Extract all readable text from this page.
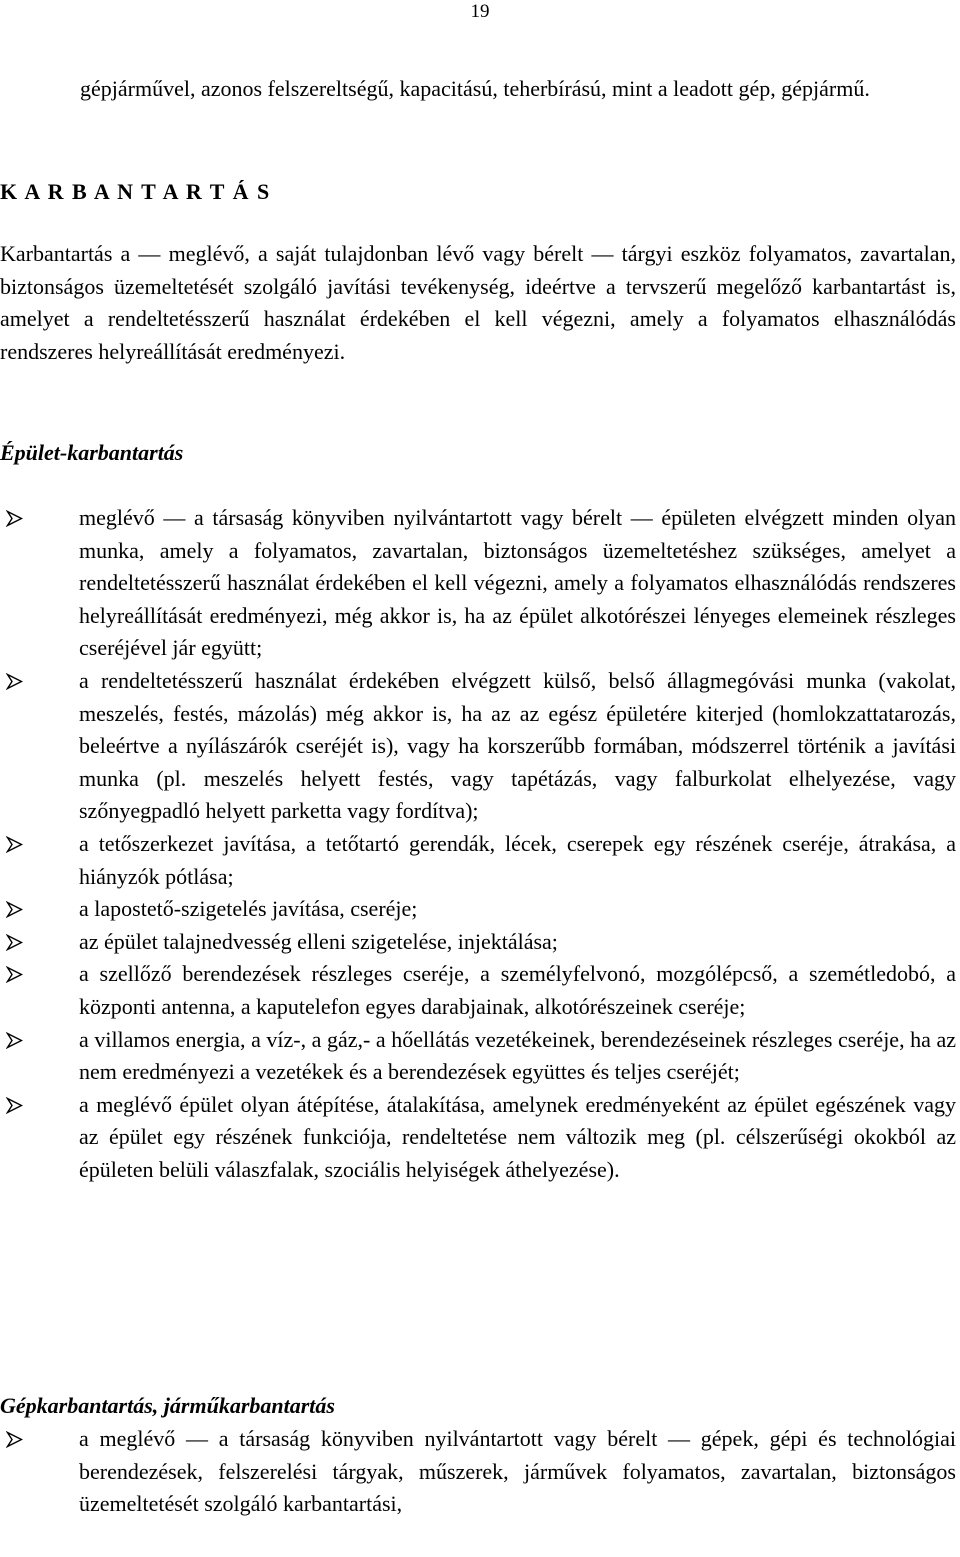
19

gépjárművel, azonos felszereltségű, kapacitású, teherbírású, mint a leadott gép, gépjármű.

K A R B A N T A R T Á S

Karbantartás a — meglévő, a saját tulajdonban lévő vagy bérelt — tárgyi eszköz folyamatos, zavartalan, biztonságos üzemeltetését szolgáló javítási tevékenység, ideértve a tervszerű megelőző karbantartást is, amelyet a rendeltetésszerű használat érdekében el kell végezni, amely a folyamatos elhasználódás rendszeres helyreállítását eredményezi.

Épület-karbantartás
meglévő — a társaság könyviben nyilvántartott vagy bérelt — épületen elvégzett minden olyan munka, amely a folyamatos, zavartalan, biztonságos üzemeltetéshez szükséges, amelyet a rendeltetésszerű használat érdekében el kell végezni, amely a folyamatos elhasználódás rendszeres helyreállítását eredményezi, még akkor is, ha az épület alkotórészei lényeges elemeinek részleges cseréjével jár együtt;
a rendeltetésszerű használat érdekében elvégzett külső, belső állagmegóvási munka (vakolat, meszelés, festés, mázolás) még akkor is, ha az az egész épületére kiterjed (homlokzattatarozás, beleértve a nyílászárók cseréjét is), vagy ha korszerűbb formában, módszerrel történik a javítási munka (pl. meszelés helyett festés, vagy tapétázás, vagy falburkolat elhelyezése, vagy szőnyegpadló helyett parketta vagy fordítva);
a tetőszerkezet javítása, a tetőtartó gerendák, lécek, cserepek egy részének cseréje, átrakása, a hiányzók pótlása;
a lapostető-szigetelés javítása, cseréje;
az épület talajnedvesség elleni szigetelése, injektálása;
a szellőző berendezések részleges cseréje, a személyfelvonó, mozgólépcső, a szemétledobó, a központi antenna, a kaputelefon egyes darabjainak, alkotórészeinek cseréje;
a villamos energia, a víz-, a gáz,- a hőellátás vezetékeinek, berendezéseinek részleges cseréje, ha az nem eredményezi a vezetékek és a berendezések együttes és teljes cseréjét;
a meglévő épület olyan átépítése, átalakítása, amelynek eredményeként az épület egészének vagy az épület egy részének funkciója, rendeltetése nem változik meg (pl. célszerűségi okokból az épületen belüli válaszfalak, szociális helyiségek áthelyezése).
Gépkarbantartás, járműkarbantartás
a meglévő — a társaság könyviben nyilvántartott vagy bérelt — gépek, gépi és technológiai berendezések, felszerelési tárgyak, műszerek, járművek folyamatos, zavartalan, biztonságos üzemeltetését szolgáló karbantartási,
